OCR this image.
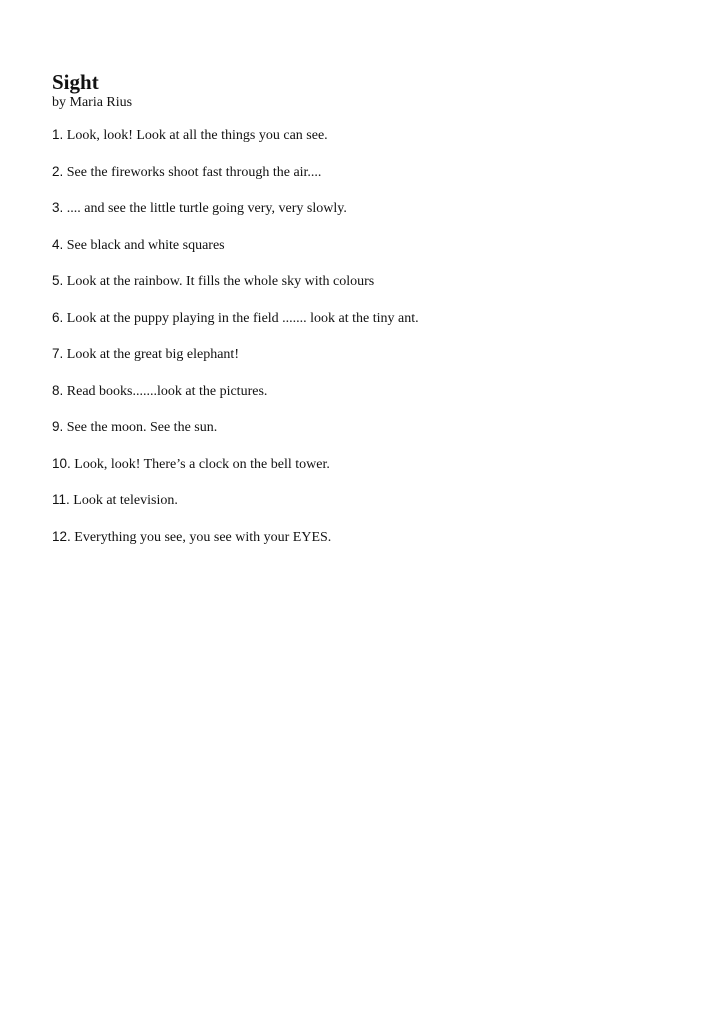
Sight

by Maria Rius

1. Look, look! Look at all the things you can see.
2. See the fireworks shoot fast through the air....
3. .... and see the little turtle going very, very slowly.
4. See black and white squares
5. Look at the rainbow. It fills the whole sky with colours
6. Look at the puppy playing in the field ....... look at the tiny ant.
7. Look at the great big elephant!
8. Read books.......look at the pictures.
9. See the moon. See the sun.
10. Look, look! There’s a clock on the bell tower.
11. Look at television.
12. Everything you see, you see with your EYES.
